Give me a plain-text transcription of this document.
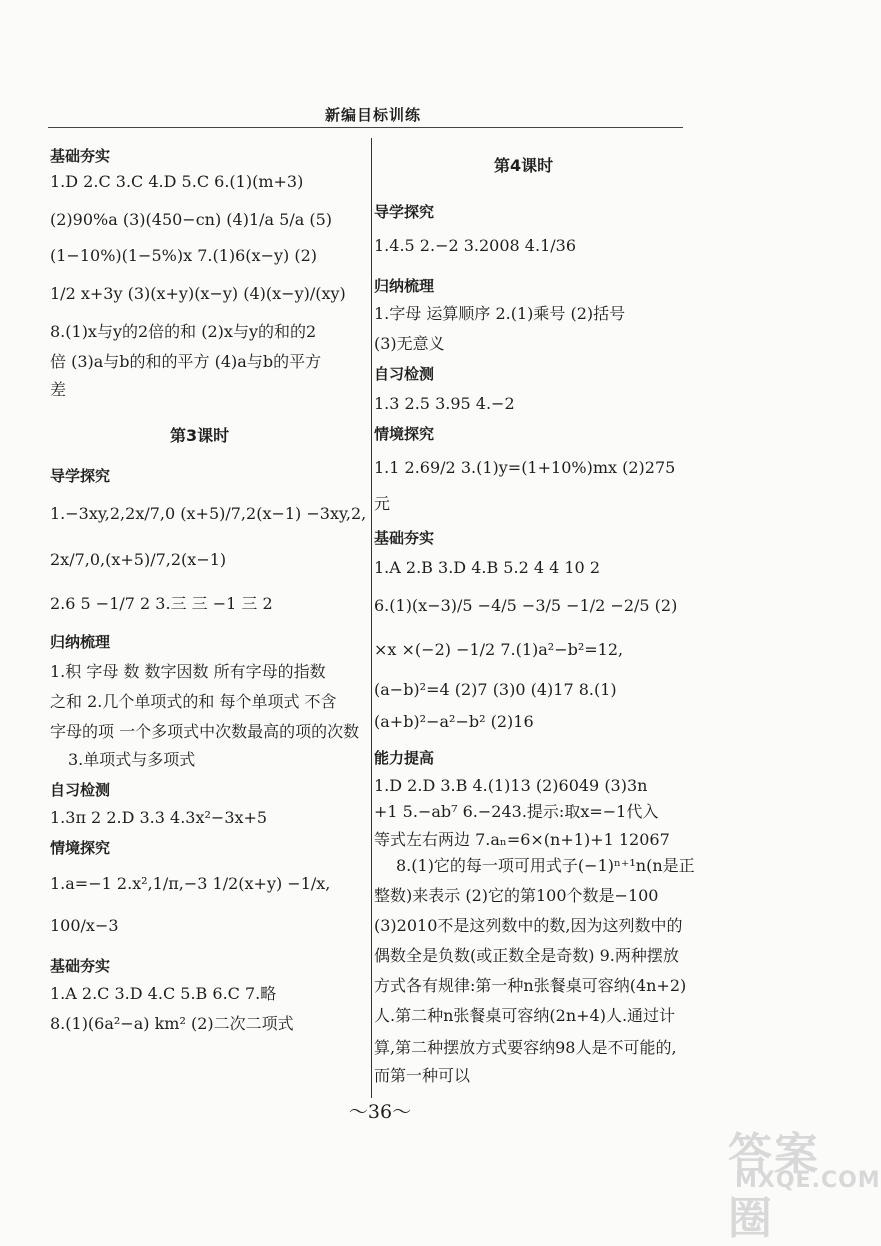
新编目标训练
基础夯实
1.D 2.C 3.C 4.D 5.C 6.(1)(m+3)
(2)90%a (3)(450−cn) (4)1/a 5/a (5)
(1−10%)(1−5%)x 7.(1)6(x−y) (2)
1/2 x+3y (3)(x+y)(x−y) (4)(x−y)/(xy)
8.(1)x与y的2倍的和 (2)x与y的和的2
倍 (3)a与b的和的平方 (4)a与b的平方
差
第3课时
导学探究
1.−3xy,2,2x/7,0 (x+5)/7,2(x−1) −3xy,2,
2x/7,0,(x+5)/7,2(x−1)
2.6 5 −1/7 2 3.三 三 −1 三 2
归纳梳理
1.积 字母 数 数字因数 所有字母的指数
之和 2.几个单项式的和 每个单项式 不含
字母的项 一个多项式中次数最高的项的次数
3.单项式与多项式
自习检测
1.3π 2 2.D 3.3 4.3x²−3x+5
情境探究
1.a=−1 2.x²,1/π,−3 1/2(x+y) −1/x,
100/x−3
基础夯实
1.A 2.C 3.D 4.C 5.B 6.C 7.略
8.(1)(6a²−a) km² (2)二次二项式
第4课时
导学探究
1.4.5 2.−2 3.2008 4.1/36
归纳梳理
1.字母 运算顺序 2.(1)乘号 (2)括号
(3)无意义
自习检测
1.3 2.5 3.95 4.−2
情境探究
1.1 2.69/2 3.(1)y=(1+10%)mx (2)275
元
基础夯实
1.A 2.B 3.D 4.B 5.2 4 4 10 2
6.(1)(x−3)/5 −4/5 −3/5 −1/2 −2/5 (2)
×x ×(−2) −1/2 7.(1)a²−b²=12,
(a−b)²=4 (2)7 (3)0 (4)17 8.(1)
(a+b)²−a²−b² (2)16
能力提高
1.D 2.D 3.B 4.(1)13 (2)6049 (3)3n
+1 5.−ab⁷ 6.−243.提示:取x=−1代入
等式左右两边 7.aₙ=6×(n+1)+1 12067
8.(1)它的每一项可用式子(−1)ⁿ⁺¹n(n是正
整数)来表示 (2)它的第100个数是−100
(3)2010不是这列数中的数,因为这列数中的
偶数全是负数(或正数全是奇数) 9.两种摆放
方式各有规律:第一种n张餐桌可容纳(4n+2)
人.第二种n张餐桌可容纳(2n+4)人.通过计
算,第二种摆放方式要容纳98人是不可能的,
而第一种可以
～36～
答案圈
MXQE.COM
